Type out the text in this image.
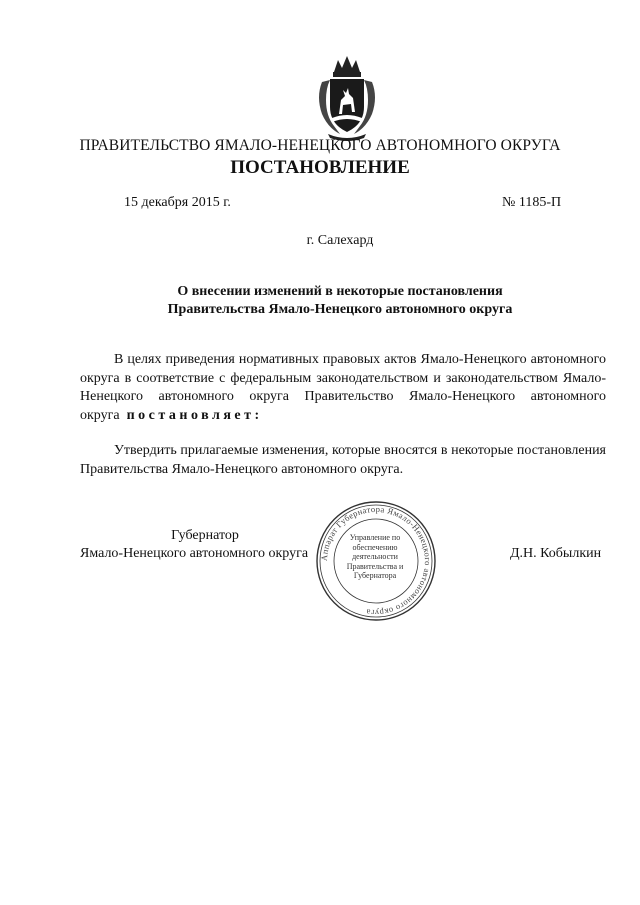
ПРАВИТЕЛЬСТВО ЯМАЛО-НЕНЕЦКОГО АВТОНОМНОГО ОКРУГА
ПОСТАНОВЛЕНИЕ
15 декабря 2015 г.	№ 1185-П
г. Салехард
О внесении изменений в некоторые постановления
Правительства Ямало-Ненецкого автономного округа
В целях приведения нормативных правовых актов Ямало-Ненецкого автономного округа в соответствие с федеральным законодательством и законодательством Ямало-Ненецкого автономного округа Правительство Ямало-Ненецкого автономного округа постановляет:
Утвердить прилагаемые изменения, которые вносятся в некоторые постановления Правительства Ямало-Ненецкого автономного округа.
Губернатор
Ямало-Ненецкого автономного округа	Д.Н. Кобылкин
Аппарат Губернатора Ямало-Ненецкого автономного округа
Управление по обеспечению деятельности Правительства и Губернатора
